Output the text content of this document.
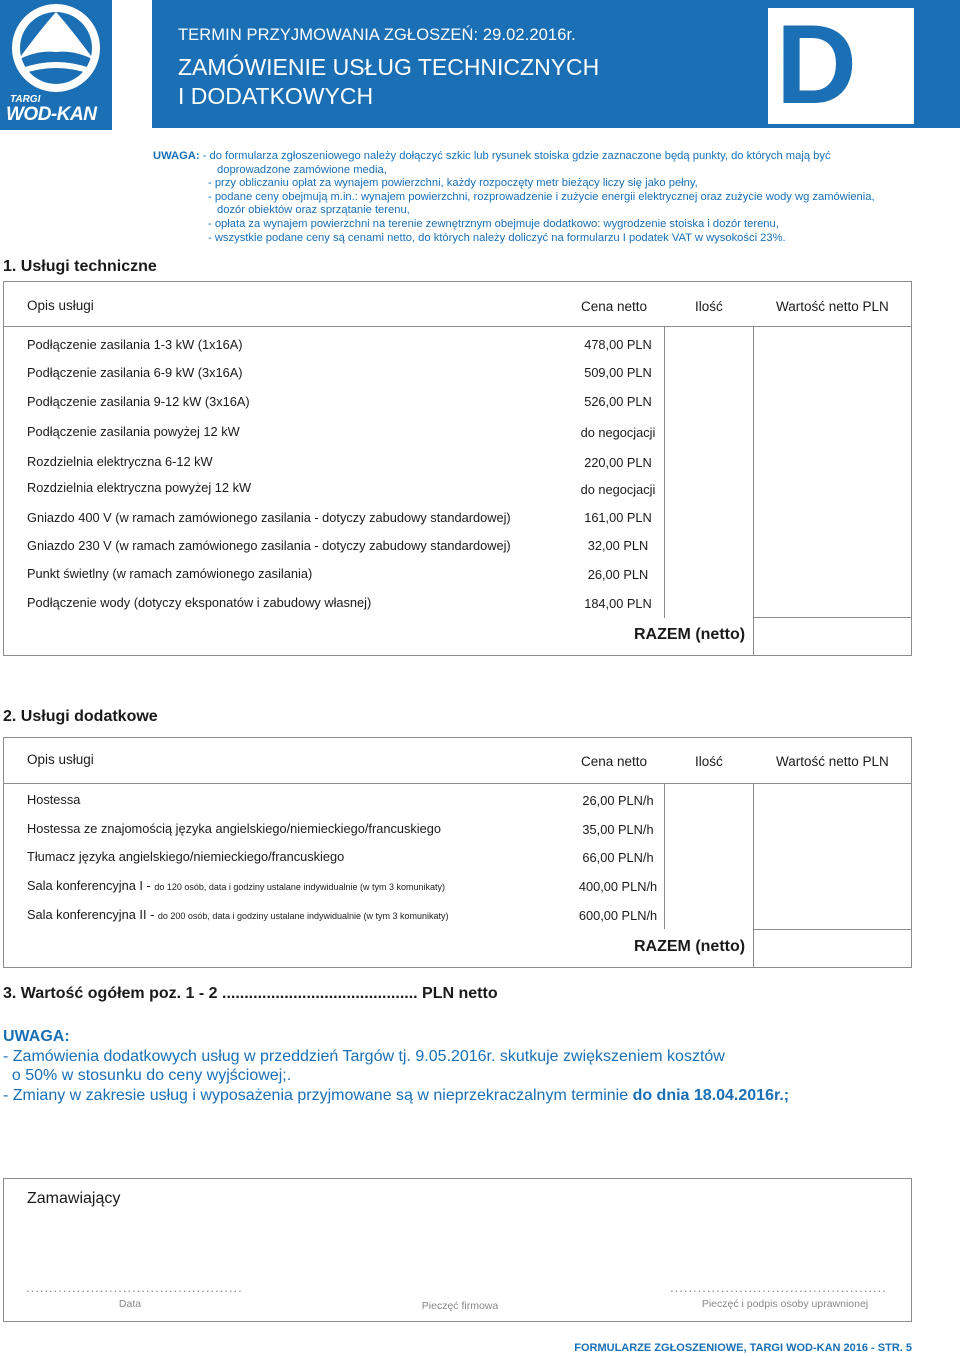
TARGI
WOD-KAN
TERMIN PRZYJMOWANIA ZGŁOSZEŃ: 29.02.2016r.
ZAMÓWIENIE USŁUG TECHNICZNYCH
I DODATKOWYCH	D
UWAGA: - do formularza zgłoszeniowego należy dołączyć szkic lub rysunek stoiska gdzie zaznaczone będą punkty, do których mają być
doprowadzone zamówione media,
- przy obliczaniu opłat za wynajem powierzchni, każdy rozpoczęty metr bieżący liczy się jako pełny,
- podane ceny obejmują m.in.: wynajem powierzchni, rozprowadzenie i zużycie energii elektrycznej oraz zużycie wody wg zamówienia,
dozór obiektów oraz sprzątanie terenu,
- opłata za wynajem powierzchni na terenie zewnętrznym obejmuje dodatkowo: wygrodzenie stoiska i dozór terenu,
- wszystkie podane ceny są cenami netto, do których należy doliczyć na formularzu I podatek VAT w wysokości 23%.
1. Usługi techniczne
Opis usługi	Cena netto	Ilość	Wartość netto PLN
Podłączenie zasilania 1-3 kW (1x16A)	478,00 PLN
Podłączenie zasilania 6-9 kW (3x16A)	509,00 PLN
Podłączenie zasilania 9-12 kW (3x16A)	526,00 PLN
Podłączenie zasilania powyżej 12 kW	do negocjacji
Rozdzielnia elektryczna 6-12 kW	220,00 PLN
Rozdzielnia elektryczna powyżej 12 kW	do negocjacji
Gniazdo 400 V (w ramach zamówionego zasilania - dotyczy zabudowy standardowej)	161,00 PLN
Gniazdo 230 V (w ramach zamówionego zasilania - dotyczy zabudowy standardowej)	32,00 PLN
Punkt świetlny (w ramach zamówionego zasilania)	26,00 PLN
Podłączenie wody (dotyczy eksponatów i zabudowy własnej)	184,00 PLN
RAZEM (netto)
2. Usługi dodatkowe
Opis usługi	Cena netto	Ilość	Wartość netto PLN
Hostessa	26,00 PLN/h
Hostessa ze znajomością języka angielskiego/niemieckiego/francuskiego	35,00 PLN/h
Tłumacz języka angielskiego/niemieckiego/francuskiego	66,00 PLN/h
Sala konferencyjna I - do 120 osób, data i godziny ustalane indywidualnie (w tym 3 komunikaty)	400,00 PLN/h
Sala konferencyjna II - do 200 osób, data i godziny ustalane indywidualnie (w tym 3 komunikaty)	600,00 PLN/h
RAZEM (netto)
3. Wartość ogółem poz. 1 - 2 ............................................ PLN netto
UWAGA:
- Zamówienia dodatkowych usług w przeddzień Targów tj. 9.05.2016r. skutkuje zwiększeniem kosztów
o 50% w stosunku do ceny wyjściowej;.
- Zmiany w zakresie usług i wyposażenia przyjmowane są w nieprzekraczalnym terminie do dnia 18.04.2016r.;
Zamawiający
...............................................	...............................................
Data	Pieczęć firmowa	Pieczęć i podpis osoby uprawnionej
FORMULARZE ZGŁOSZENIOWE, TARGI WOD-KAN 2016 - STR. 5
